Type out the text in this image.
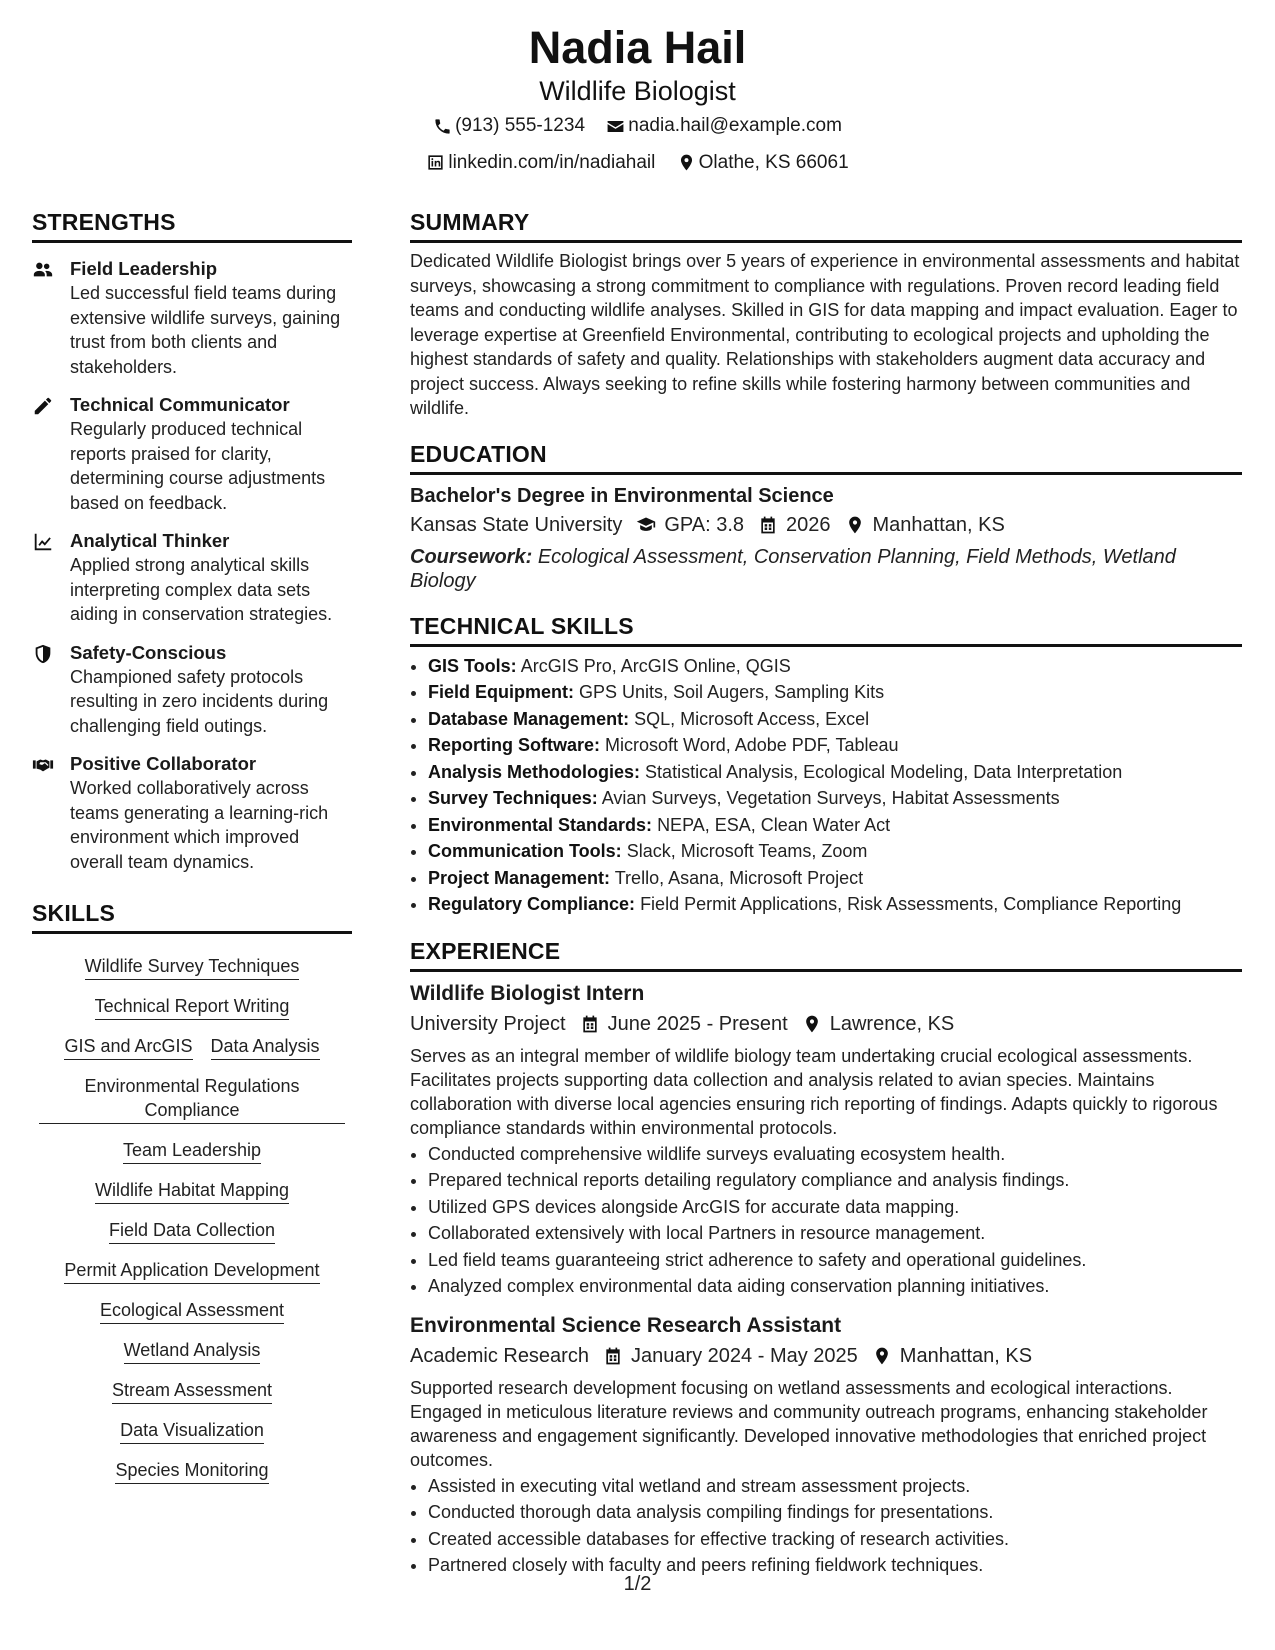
Nadia Hail
Wildlife Biologist
(913) 555-1234
nadia.hail@example.com
linkedin.com/in/nadiahail
Olathe, KS 66061
STRENGTHS
Field Leadership
Led successful field teams during extensive wildlife surveys, gaining trust from both clients and stakeholders.
Technical Communicator
Regularly produced technical reports praised for clarity, determining course adjustments based on feedback.
Analytical Thinker
Applied strong analytical skills interpreting complex data sets aiding in conservation strategies.
Safety-Conscious
Championed safety protocols resulting in zero incidents during challenging field outings.
Positive Collaborator
Worked collaboratively across teams generating a learning-rich environment which improved overall team dynamics.
SKILLS
Wildlife Survey Techniques
Technical Report Writing
GIS and ArcGIS Data Analysis
Environmental Regulations Compliance
Team Leadership
Wildlife Habitat Mapping
Field Data Collection
Permit Application Development
Ecological Assessment
Wetland Analysis
Stream Assessment
Data Visualization
Species Monitoring
SUMMARY
Dedicated Wildlife Biologist brings over 5 years of experience in environmental assessments and habitat surveys, showcasing a strong commitment to compliance with regulations. Proven record leading field teams and conducting wildlife analyses. Skilled in GIS for data mapping and impact evaluation. Eager to leverage expertise at Greenfield Environmental, contributing to ecological projects and upholding the highest standards of safety and quality. Relationships with stakeholders augment data accuracy and project success. Always seeking to refine skills while fostering harmony between communities and wildlife.
EDUCATION
Bachelor's Degree in Environmental Science
Kansas State University GPA: 3.8 2026 Manhattan, KS
Coursework: Ecological Assessment, Conservation Planning, Field Methods, Wetland Biology
TECHNICAL SKILLS
• GIS Tools: ArcGIS Pro, ArcGIS Online, QGIS
• Field Equipment: GPS Units, Soil Augers, Sampling Kits
• Database Management: SQL, Microsoft Access, Excel
• Reporting Software: Microsoft Word, Adobe PDF, Tableau
• Analysis Methodologies: Statistical Analysis, Ecological Modeling, Data Interpretation
• Survey Techniques: Avian Surveys, Vegetation Surveys, Habitat Assessments
• Environmental Standards: NEPA, ESA, Clean Water Act
• Communication Tools: Slack, Microsoft Teams, Zoom
• Project Management: Trello, Asana, Microsoft Project
• Regulatory Compliance: Field Permit Applications, Risk Assessments, Compliance Reporting
EXPERIENCE
Wildlife Biologist Intern
University Project June 2025 - Present Lawrence, KS
Serves as an integral member of wildlife biology team undertaking crucial ecological assessments. Facilitates projects supporting data collection and analysis related to avian species. Maintains collaboration with diverse local agencies ensuring rich reporting of findings. Adapts quickly to rigorous compliance standards within environmental protocols.
• Conducted comprehensive wildlife surveys evaluating ecosystem health.
• Prepared technical reports detailing regulatory compliance and analysis findings.
• Utilized GPS devices alongside ArcGIS for accurate data mapping.
• Collaborated extensively with local Partners in resource management.
• Led field teams guaranteeing strict adherence to safety and operational guidelines.
• Analyzed complex environmental data aiding conservation planning initiatives.
Environmental Science Research Assistant
Academic Research January 2024 - May 2025 Manhattan, KS
Supported research development focusing on wetland assessments and ecological interactions. Engaged in meticulous literature reviews and community outreach programs, enhancing stakeholder awareness and engagement significantly. Developed innovative methodologies that enriched project outcomes.
• Assisted in executing vital wetland and stream assessment projects.
• Conducted thorough data analysis compiling findings for presentations.
• Created accessible databases for effective tracking of research activities.
• Partnered closely with faculty and peers refining fieldwork techniques.
1/2
